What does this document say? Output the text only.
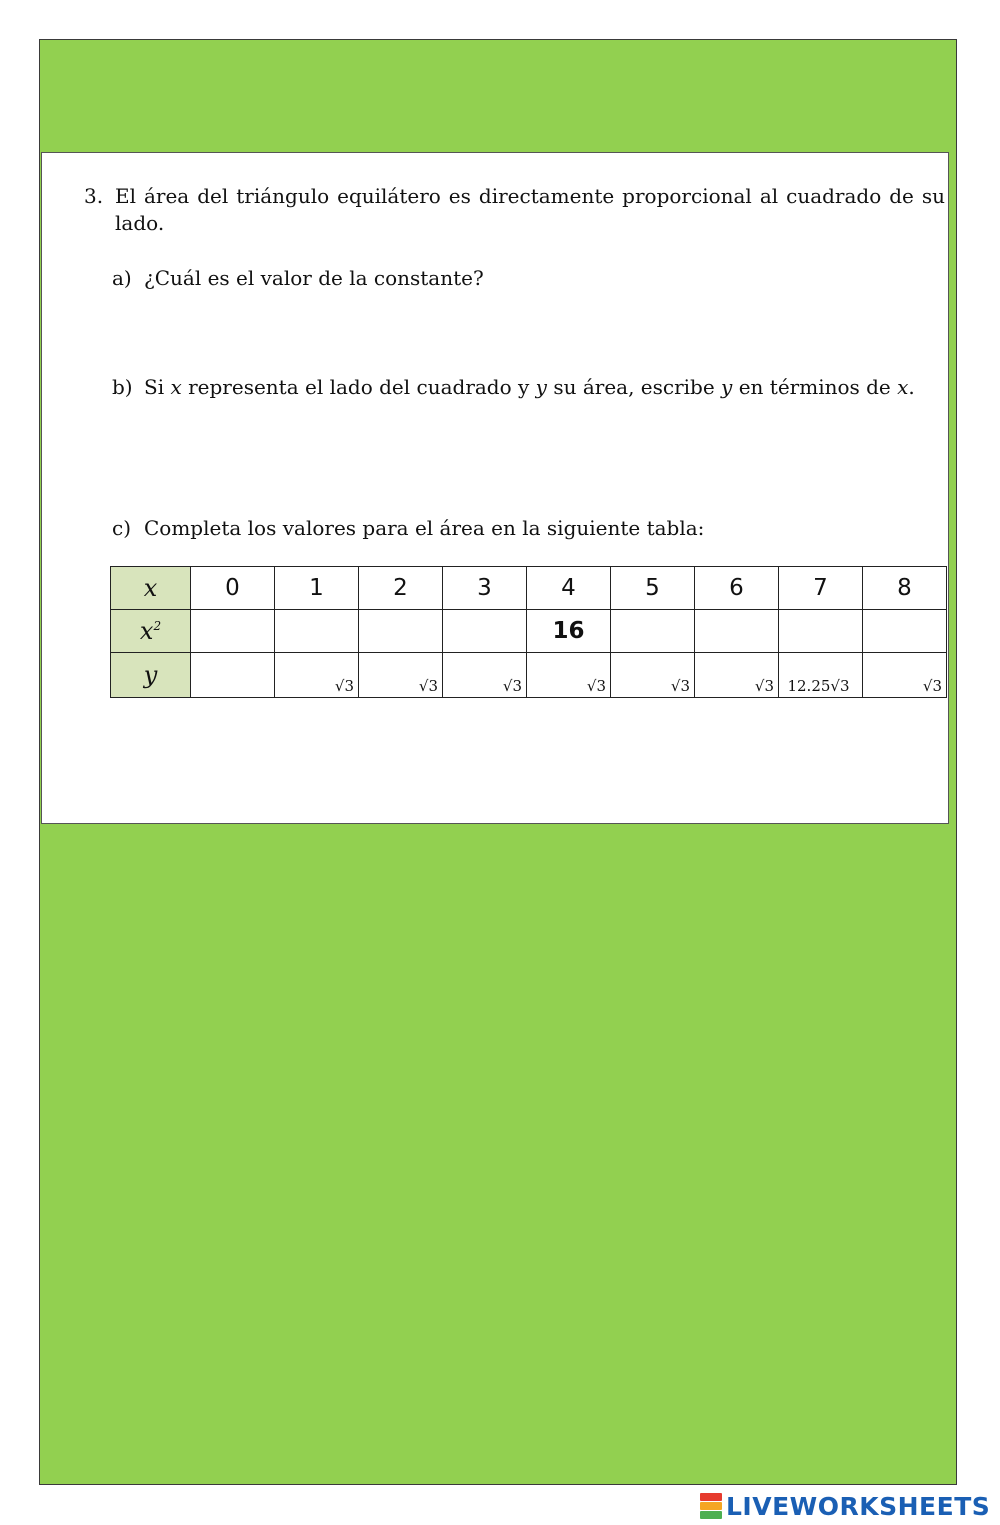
3. El área del triángulo equilátero es directamente proporcional al cuadrado de su lado.
a) ¿Cuál es el valor de la constante?
b) Si x representa el lado del cuadrado y y su área, escribe y en términos de x.
c) Completa los valores para el área en la siguiente tabla:
x	0	1	2	3	4	5	6	7	8
$x^2$					16				
y		√3	√3	√3	√3	√3	√3	12.25√3	√3
LIVEWORKSHEETS
